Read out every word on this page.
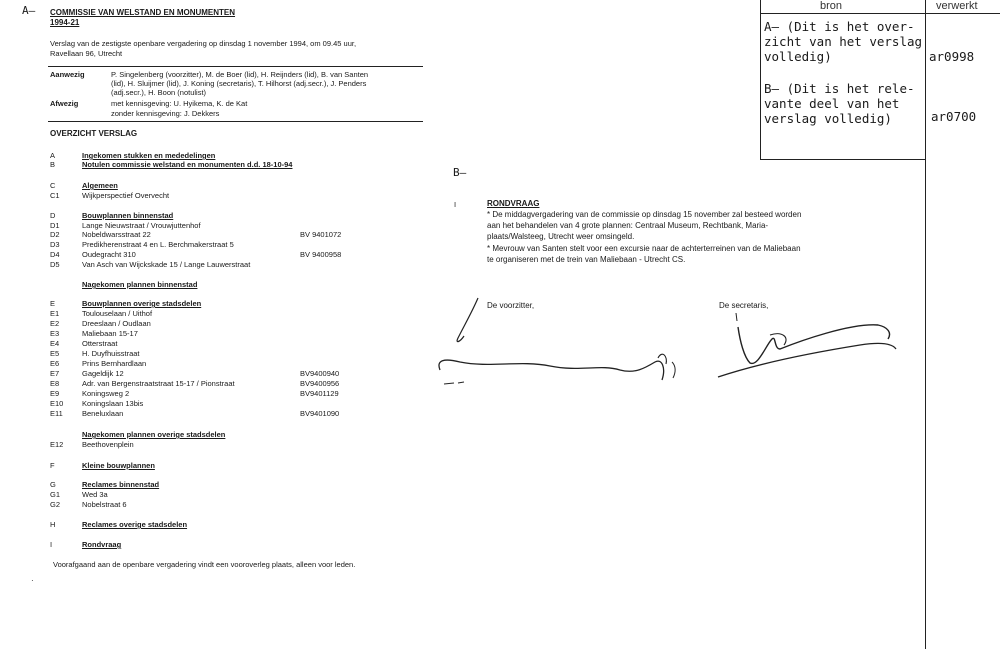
A– COMMISSIE VAN WELSTAND EN MONUMENTEN
1994-21
Verslag van de zestigste openbare vergadering op dinsdag 1 november 1994, om 09.45 uur,
Ravellaan 96, Utrecht
Aanwezig	P. Singelenberg (voorzitter), M. de Boer (lid), H. Reijnders (lid), B. van Santen
(lid), H. Sluijmer (lid), J. Koning (secretaris), T. Hilhorst (adj.secr.), J. Penders
(adj.secr.), H. Boon (notulist)
Afwezig	met kennisgeving: U. Hyikema, K. de Kat
zonder kennisgeving: J. Dekkers
OVERZICHT VERSLAG
A	Ingekomen stukken en mededelingen
B	Notulen commissie welstand en monumenten d.d. 18-10-94
C	Algemeen
C1	Wijkperspectief Overvecht
D	Bouwplannen binnenstad
D1	Lange Nieuwstraat / Vrouwjuttenhof
D2	Nobeldwarsstraat 22	BV 9401072
D3	Predikherenstraat 4 en L. Berchmakerstraat 5
D4	Oudegracht 310	BV 9400958
D5	Van Asch van Wijckskade 15 / Lange Lauwerstraat
Nagekomen plannen binnenstad
E	Bouwplannen overige stadsdelen
E1	Toulouselaan / Uithof
E2	Dreeslaan / Oudlaan
E3	Maliebaan 15-17
E4	Otterstraat
E5	H. Duyfhuisstraat
E6	Prins Bernhardlaan
E7	Gageldijk 12	BV9400940
E8	Adr. van Bergenstraatstraat 15-17 / Pionstraat	BV9400956
E9	Koningsweg 2	BV9401129
E10 Koningslaan 13bis
E11	Beneluxlaan	BV9401090
Nagekomen plannen overige stadsdelen
E12 Beethovenplein
F	Kleine bouwplannen
G	Reclames binnenstad
G1	Wed 3a
G2	Nobelstraat 6
H	Reclames overige stadsdelen
I	Rondvraag
Voorafgaand aan de openbare vergadering vindt een vooroverleg plaats, alleen voor leden.
·
B–
I	RONDVRAAG
* De middagvergadering van de commissie op dinsdag 15 november zal besteed worden
aan het behandelen van 4 grote plannen: Centraal Museum, Rechtbank, Maria-
plaats/Walsteeg, Utrecht weer omsingeld.
* Mevrouw van Santen stelt voor een excursie naar de achterterreinen van de Maliebaan
te organiseren met de trein van Maliebaan - Utrecht CS.
De voorzitter,	De secretaris,
bron	verwerkt
A– (Dit is het over-
zicht van het verslag
volledig)	ar0998
B– (Dit is het rele-
vante deel van het
verslag volledig)	ar0700
